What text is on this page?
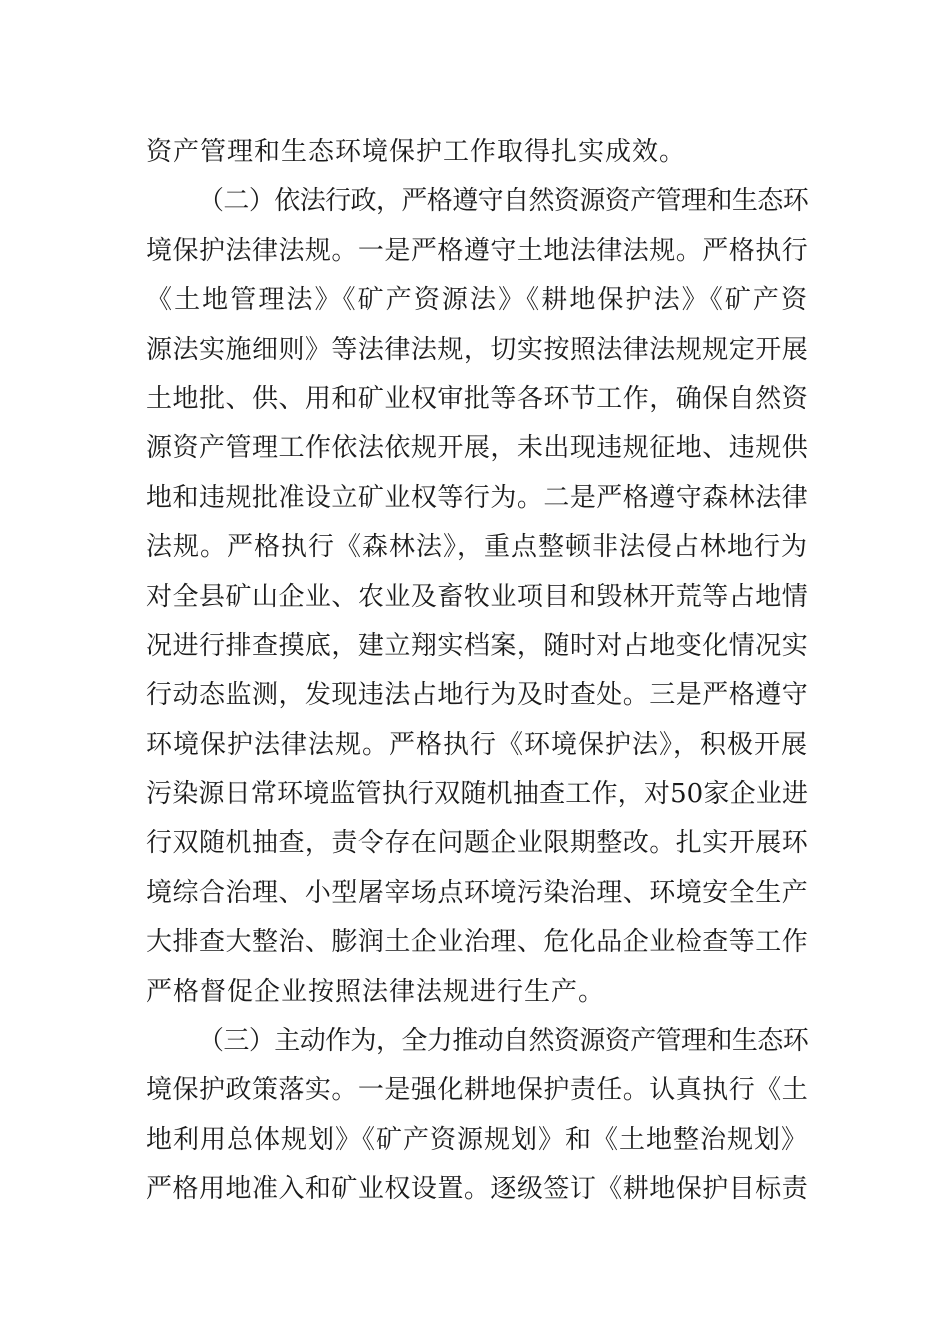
资产管理和生态环境保护工作取得扎实成效。
（二）依法行政，严格遵守自然资源资产管理和生态环
境保护法律法规。一是严格遵守土地法律法规。严格执行
《土地管理法》《矿产资源法》《耕地保护法》《矿产资
源法实施细则》等法律法规，切实按照法律法规规定开展
土地批、供、用和矿业权审批等各环节工作，确保自然资
源资产管理工作依法依规开展，未出现违规征地、违规供
地和违规批准设立矿业权等行为。二是严格遵守森林法律
法规。严格执行《森林法》，重点整顿非法侵占林地行为
对全县矿山企业、农业及畜牧业项目和毁林开荒等占地情
况进行排查摸底，建立翔实档案，随时对占地变化情况实
行动态监测，发现违法占地行为及时查处。三是严格遵守
环境保护法律法规。严格执行《环境保护法》，积极开展
污染源日常环境监管执行双随机抽查工作，对50家企业进
行双随机抽查，责令存在问题企业限期整改。扎实开展环
境综合治理、小型屠宰场点环境污染治理、环境安全生产
大排查大整治、膨润土企业治理、危化品企业检查等工作
严格督促企业按照法律法规进行生产。
（三）主动作为，全力推动自然资源资产管理和生态环
境保护政策落实。一是强化耕地保护责任。认真执行《土
地利用总体规划》《矿产资源规划》和《土地整治规划》
严格用地准入和矿业权设置。逐级签订《耕地保护目标责
